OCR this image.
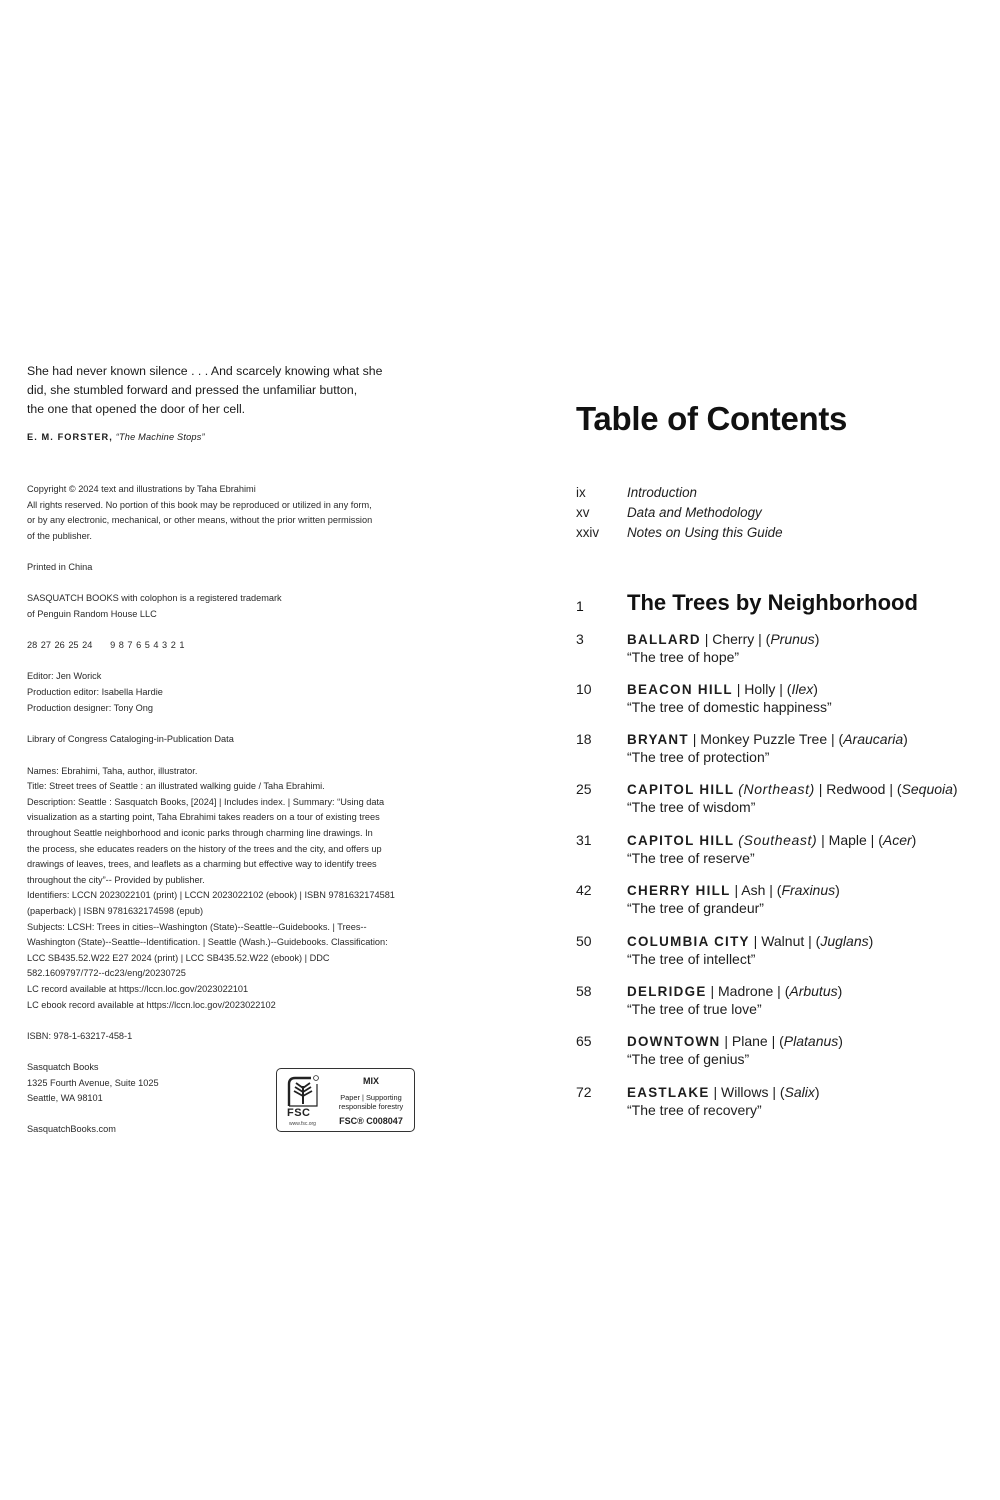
She had never known silence . . . And scarcely knowing what she
did, she stumbled forward and pressed the unfamiliar button,
the one that opened the door of her cell.
E. M. FORSTER, “The Machine Stops”
Copyright © 2024 text and illustrations by Taha Ebrahimi
All rights reserved. No portion of this book may be reproduced or utilized in any form,
or by any electronic, mechanical, or other means, without the prior written permission
of the publisher.
Printed in China
SASQUATCH BOOKS with colophon is a registered trademark
of Penguin Random House LLC
28 27 26 25 24 9 8 7 6 5 4 3 2 1
Editor: Jen Worick
Production editor: Isabella Hardie
Production designer: Tony Ong
Library of Congress Cataloging-in-Publication Data
Names: Ebrahimi, Taha, author, illustrator.
Title: Street trees of Seattle : an illustrated walking guide / Taha Ebrahimi.
Description: Seattle : Sasquatch Books, [2024] | Includes index. | Summary: “Using data
visualization as a starting point, Taha Ebrahimi takes readers on a tour of existing trees
throughout Seattle neighborhood and iconic parks through charming line drawings. In
the process, she educates readers on the history of the trees and the city, and offers up
drawings of leaves, trees, and leaflets as a charming but effective way to identify trees
throughout the city”-- Provided by publisher.
Identifiers: LCCN 2023022101 (print) | LCCN 2023022102 (ebook) | ISBN 9781632174581
(paperback) | ISBN 9781632174598 (epub)
Subjects: LCSH: Trees in cities--Washington (State)--Seattle--Guidebooks. | Trees--
Washington (State)--Seattle--Identification. | Seattle (Wash.)--Guidebooks. Classification:
LCC SB435.52.W22 E27 2024 (print) | LCC SB435.52.W22 (ebook) | DDC
582.1609797/772--dc23/eng/20230725
LC record available at https://lccn.loc.gov/2023022101
LC ebook record available at https://lccn.loc.gov/2023022102
ISBN: 978-1-63217-458-1
Sasquatch Books
1325 Fourth Avenue, Suite 1025
Seattle, WA 98101
SasquatchBooks.com
FSC
www.fsc.org
MIX
Paper | Supporting
responsible forestry
FSC® C008047
Table of Contents
ix	Introduction
xv	Data and Methodology
xxiv Notes on Using this Guide
1 The Trees by Neighborhood
3	BALLARD | Cherry | (Prunus)
“The tree of hope”
10	BEACON HILL | Holly | (Ilex)
“The tree of domestic happiness”
18	BRYANT | Monkey Puzzle Tree | (Araucaria)
“The tree of protection”
25	CAPITOL HILL (Northeast) | Redwood | (Sequoia)
“The tree of wisdom”
31	CAPITOL HILL (Southeast) | Maple | (Acer)
“The tree of reserve”
42	CHERRY HILL | Ash | (Fraxinus)
“The tree of grandeur”
50	COLUMBIA CITY | Walnut | (Juglans)
“The tree of intellect”
58	DELRIDGE | Madrone | (Arbutus)
“The tree of true love”
65	DOWNTOWN | Plane | (Platanus)
“The tree of genius”
72	EASTLAKE | Willows | (Salix)
“The tree of recovery”
